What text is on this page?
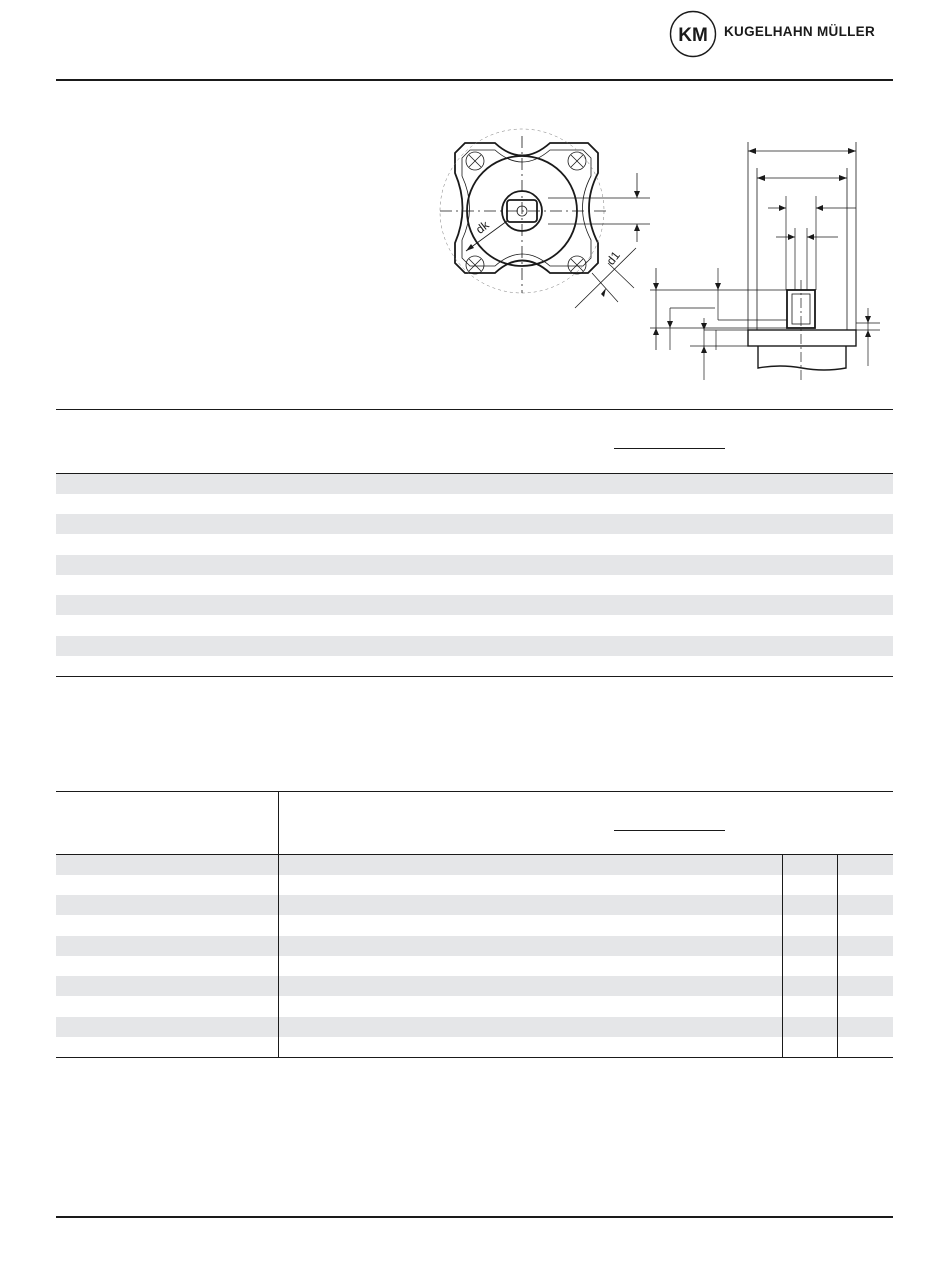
KM KUGELHAHN MÜLLER
dk
d1
